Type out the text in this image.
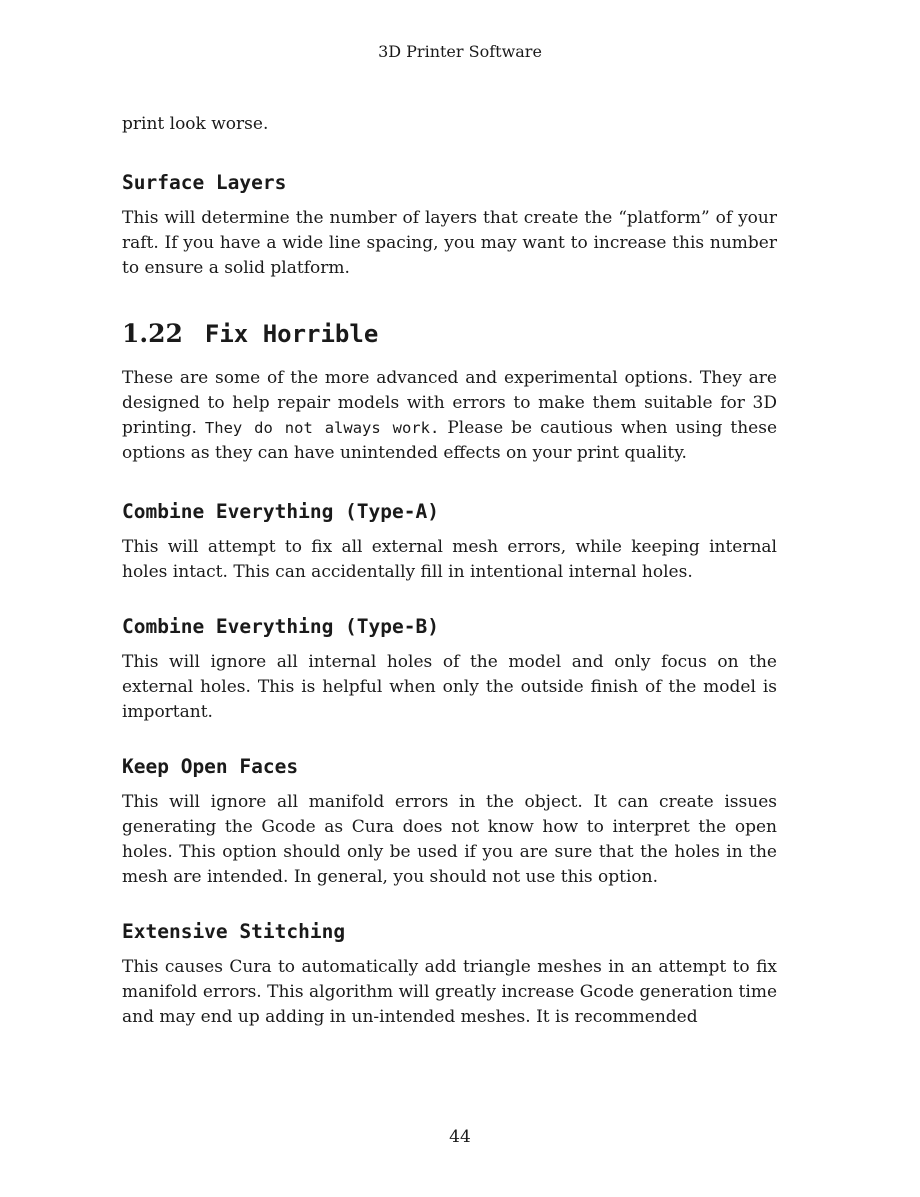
3D Printer Software

print look worse.

Surface Layers

This will determine the number of layers that create the “platform” of your raft. If you have a wide line spacing, you may want to increase this number to ensure a solid platform.

1.22 Fix Horrible

These are some of the more advanced and experimental options. They are designed to help repair models with errors to make them suitable for 3D printing. They do not always work. Please be cautious when using these options as they can have unintended effects on your print quality.

Combine Everything (Type-A)

This will attempt to fix all external mesh errors, while keeping internal holes intact. This can accidentally fill in intentional internal holes.

Combine Everything (Type-B)

This will ignore all internal holes of the model and only focus on the external holes. This is helpful when only the outside finish of the model is important.

Keep Open Faces

This will ignore all manifold errors in the object. It can create issues generating the Gcode as Cura does not know how to interpret the open holes. This option should only be used if you are sure that the holes in the mesh are intended. In general, you should not use this option.

Extensive Stitching

This causes Cura to automatically add triangle meshes in an attempt to fix manifold errors. This algorithm will greatly increase Gcode generation time and may end up adding in un-intended meshes. It is recommended

44
